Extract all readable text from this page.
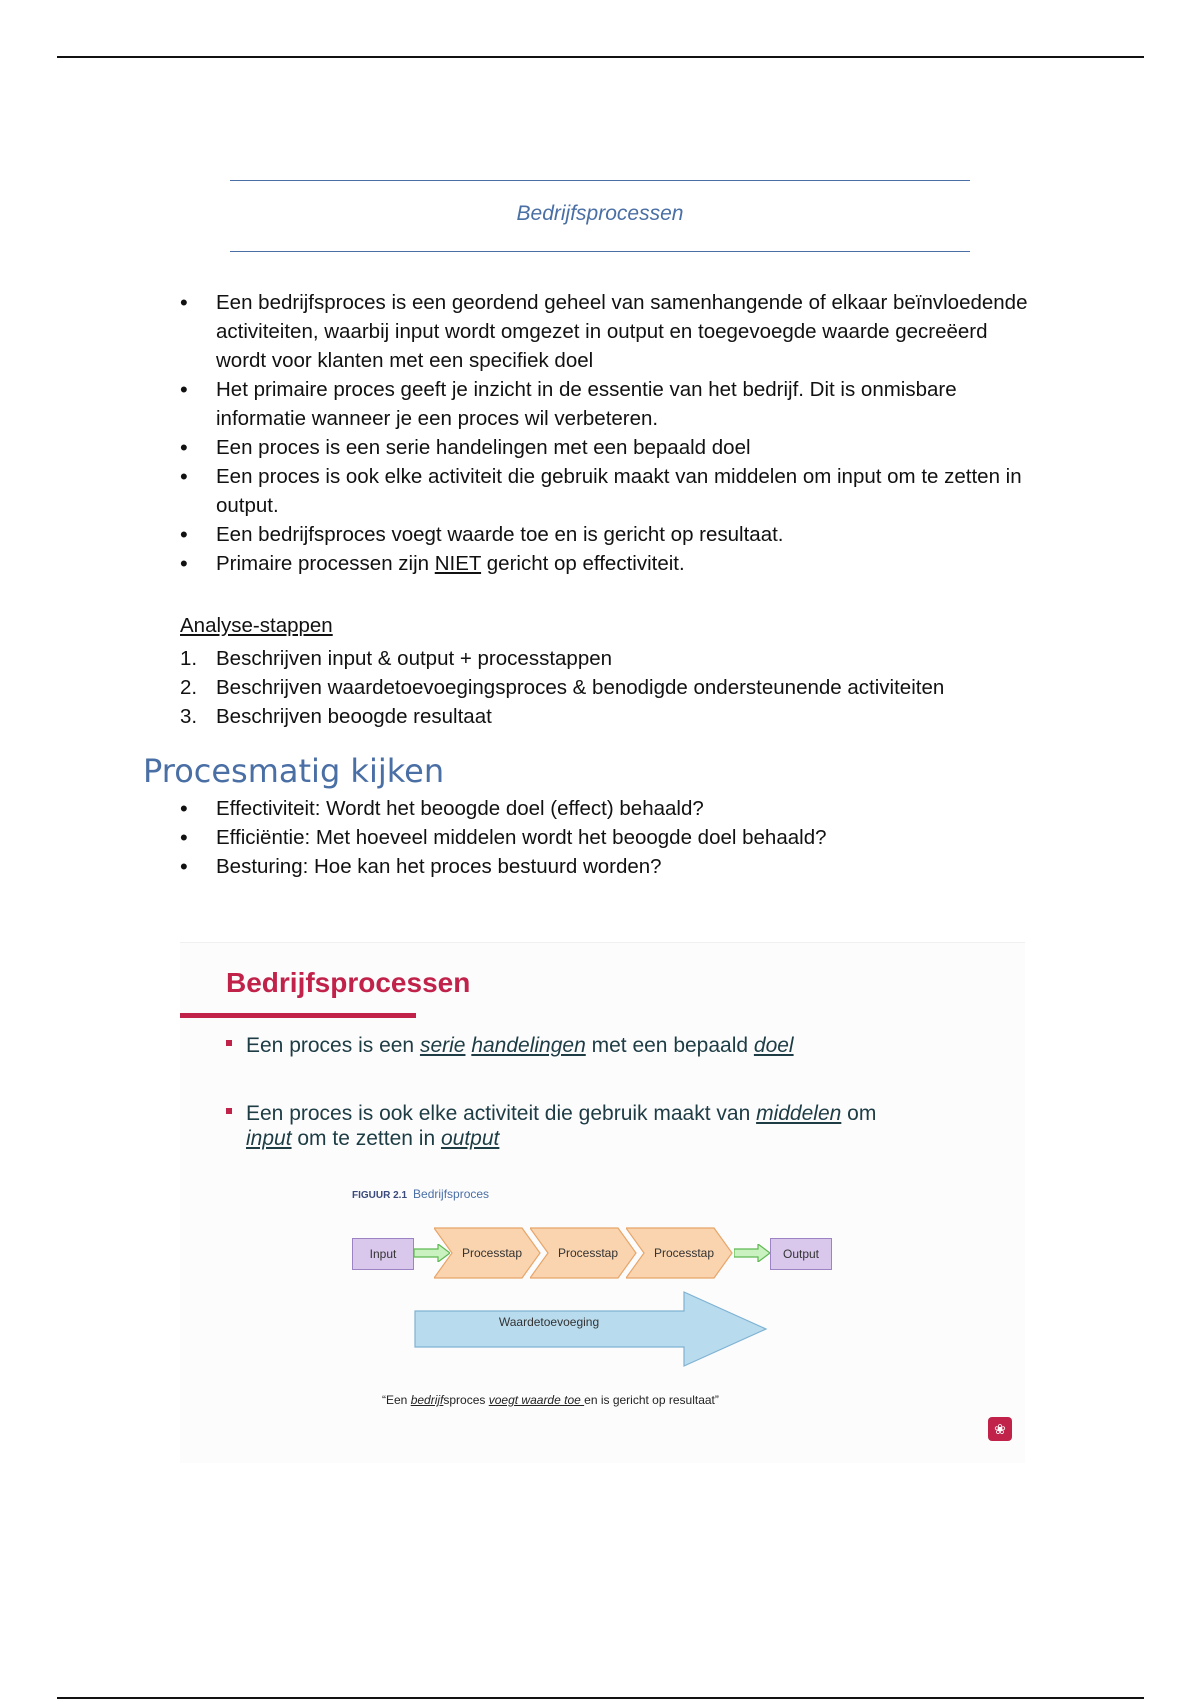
Bedrijfsprocessen
• Een bedrijfsproces is een geordend geheel van samenhangende of elkaar beïnvloedende activiteiten, waarbij input wordt omgezet in output en toegevoegde waarde gecreëerd wordt voor klanten met een specifiek doel
• Het primaire proces geeft je inzicht in de essentie van het bedrijf. Dit is onmisbare informatie wanneer je een proces wil verbeteren.
• Een proces is een serie handelingen met een bepaald doel
• Een proces is ook elke activiteit die gebruik maakt van middelen om input om te zetten in output.
• Een bedrijfsproces voegt waarde toe en is gericht op resultaat.
• Primaire processen zijn NIET gericht op effectiviteit.
Analyse-stappen
1. Beschrijven input & output + processtappen
2. Beschrijven waardetoevoegingsproces & benodigde ondersteunende activiteiten
3. Beschrijven beoogde resultaat
Procesmatig kijken
• Effectiviteit: Wordt het beoogde doel (effect) behaald?
• Efficiëntie: Met hoeveel middelen wordt het beoogde doel behaald?
• Besturing: Hoe kan het proces bestuurd worden?
Bedrijfsprocessen
Een proces is een serie handelingen met een bepaald doel
Een proces is ook elke activiteit die gebruik maakt van middelen om
input om te zetten in output
FIGUUR 2.1 Bedrijfsproces
Input	Processtap	Processtap	Processtap	Output
Waardetoevoeging
“Een bedrijfsproces voegt waarde toe en is gericht op resultaat”
❀
